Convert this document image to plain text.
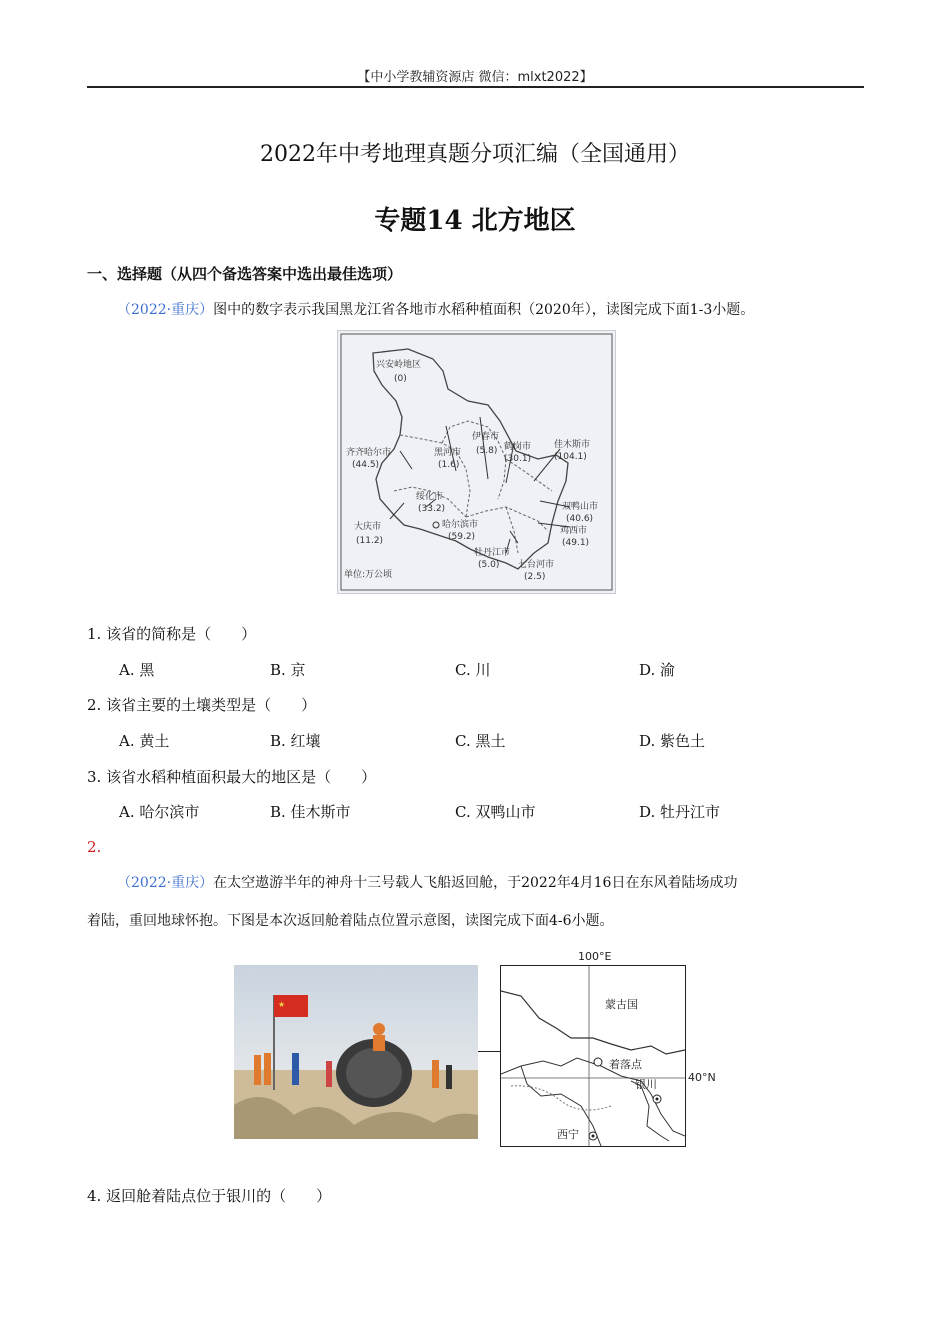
【中小学教辅资源店 微信：mlxt2022】
2022年中考地理真题分项汇编（全国通用）
专题14 北方地区
一、选择题（从四个备选答案中选出最佳选项）
（2022·重庆）图中的数字表示我国黑龙江省各地市水稻种植面积（2020年），读图完成下面1-3小题。
兴安岭地区
(0)
伊春市
(5.8)
黑河市
(1.6)
鹤岗市
(30.1)
佳木斯市
(104.1)
齐齐哈尔市
(44.5)
绥化市
(33.2)
哈尔滨市
(59.2)
双鸭山市
(40.6)
大庆市
(11.2)
鸡西市
(49.1)
牡丹江市
(5.0) 七台河市
(2.5)
单位:万公顷
1. 该省的简称是（　　）
A. 黑	B. 京	C. 川	D. 渝
2. 该省主要的土壤类型是（　　）
A. 黄土	B. 红壤	C. 黑土	D. 紫色土
3. 该省水稻种植面积最大的地区是（　　）
A. 哈尔滨市	B. 佳木斯市	C. 双鸭山市	D. 牡丹江市
2.
（2022·重庆）在太空遨游半年的神舟十三号载人飞船返回舱，于2022年4月16日在东风着陆场成功
着陆，重回地球怀抱。下图是本次返回舱着陆点位置示意图，读图完成下面4-6小题。
★
100°E
蒙古国
着落点
银川
西宁
40°N
4. 返回舱着陆点位于银川的（　　）
